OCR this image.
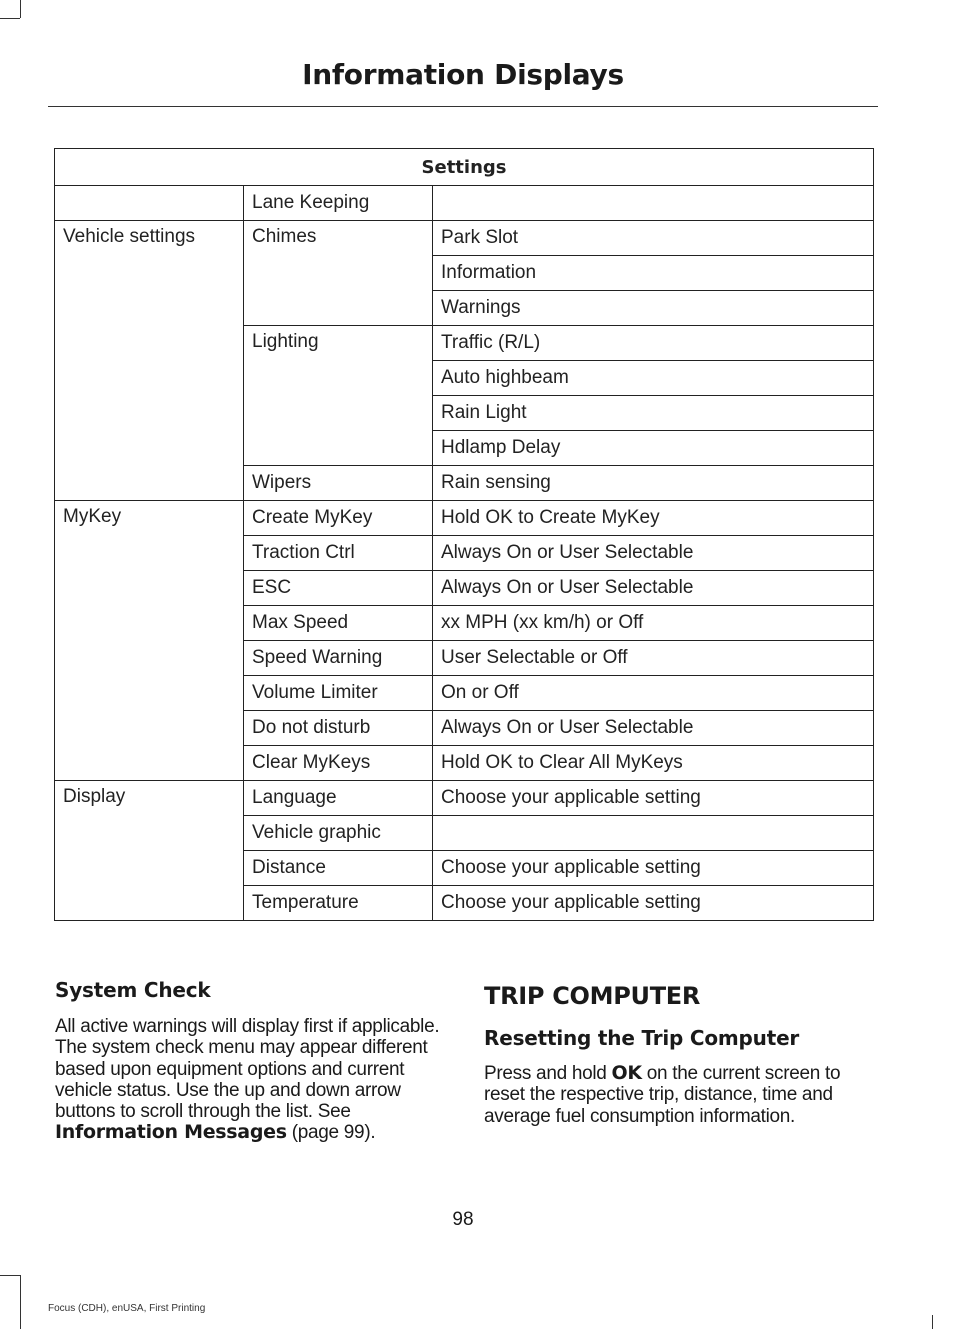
Information Displays
Settings		
	Lane Keeping	
Vehicle settings	Chimes	Park Slot
		Information
		Warnings
	Lighting	Traffic (R/L)
		Auto highbeam
		Rain Light
		Hdlamp Delay
	Wipers	Rain sensing
MyKey	Create MyKey	Hold OK to Create MyKey
	Traction Ctrl	Always On or User Selectable
	ESC	Always On or User Selectable
	Max Speed	xx MPH (xx km/h) or Off
	Speed Warning	User Selectable or Off
	Volume Limiter	On or Off
	Do not disturb	Always On or User Selectable
	Clear MyKeys	Hold OK to Clear All MyKeys
Display	Language	Choose your applicable setting
	Vehicle graphic	
	Distance	Choose your applicable setting
	Temperature	Choose your applicable setting
System Check

All active warnings will display first if applicable. The system check menu may appear different based upon equipment options and current vehicle status. Use the up and down arrow buttons to scroll through the list. See Information Messages (page 99).

TRIP COMPUTER
Resetting the Trip Computer

Press and hold OK on the current screen to reset the respective trip, distance, time and average fuel consumption information.

98
Focus (CDH), enUSA, First Printing
